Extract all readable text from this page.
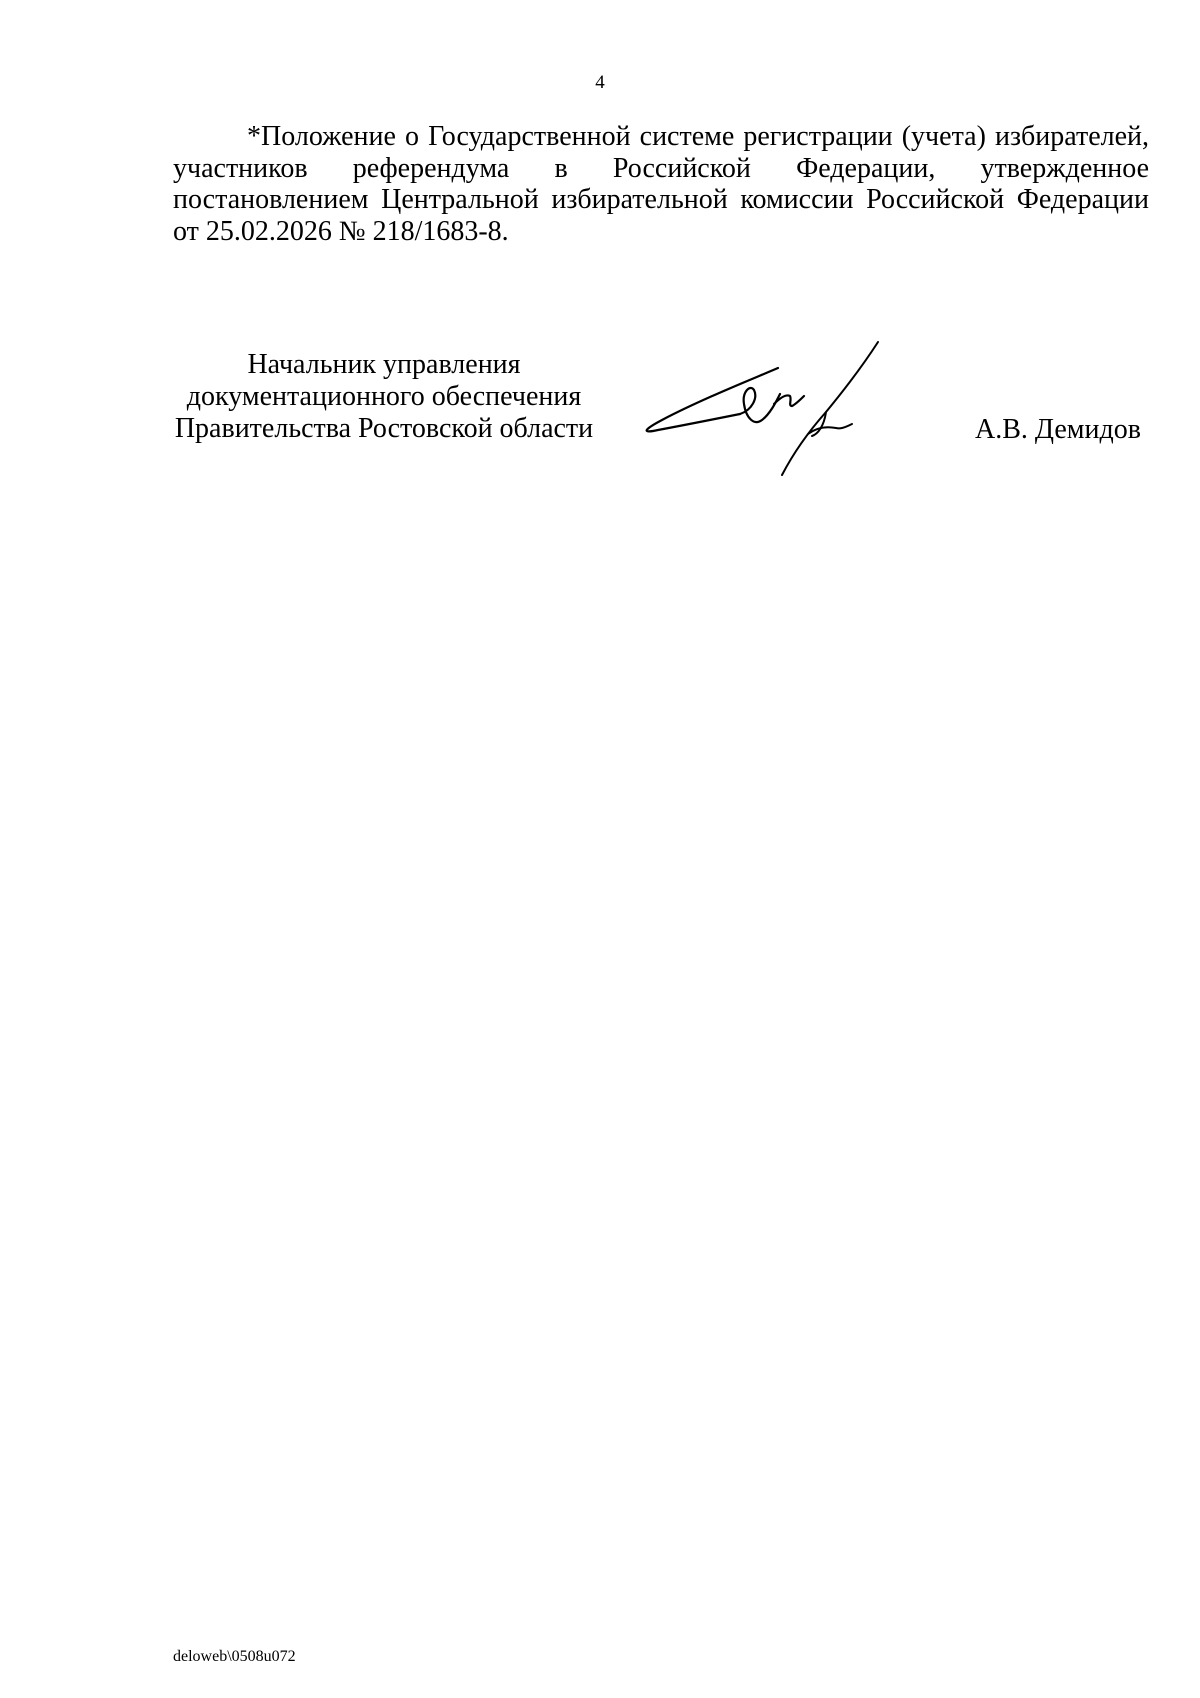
4

*Положение о Государственной системе регистрации (учета) избирателей, участников референдума в Российской Федерации, утвержденное постановлением Центральной избирательной комиссии Российской Федерации от 25.02.2026 № 218/1683-8.

Начальник управления
документационного обеспечения
Правительства Ростовской области	А.В. Демидов
deloweb\0508u072
